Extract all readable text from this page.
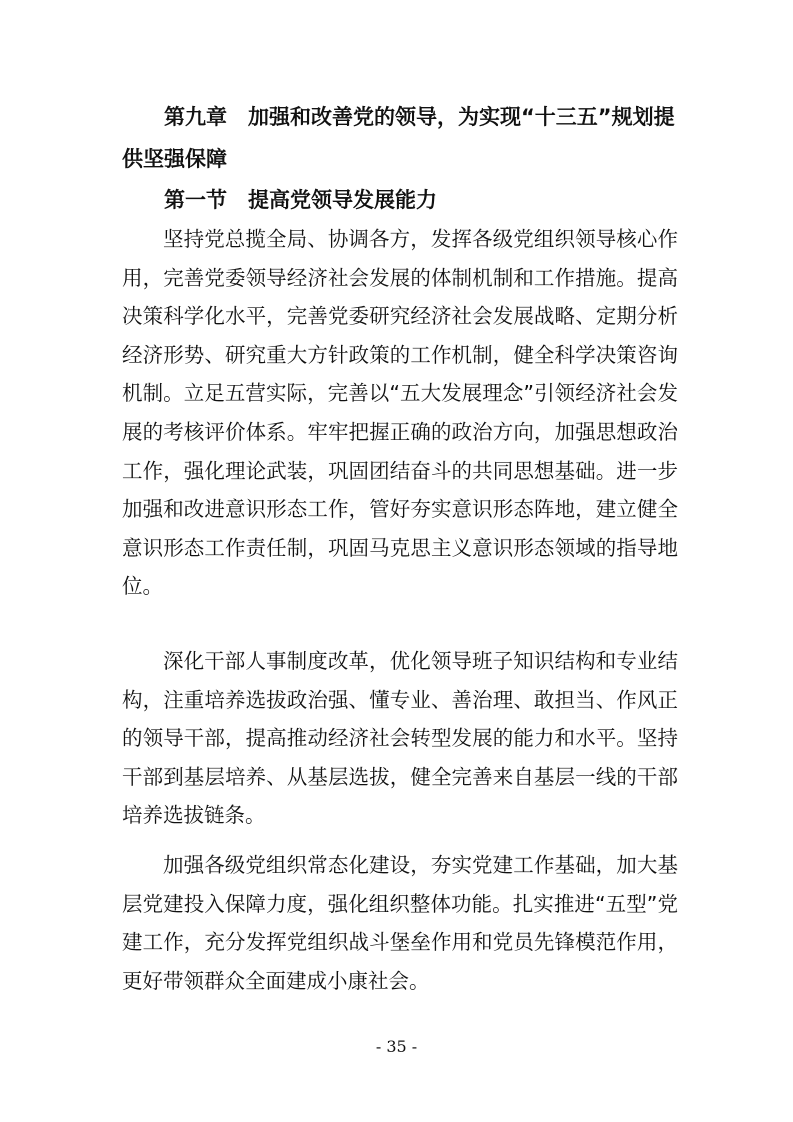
第九章　加强和改善党的领导，为实现“十三五”规划提供坚强保障
第一节　提高党领导发展能力

坚持党总揽全局、协调各方，发挥各级党组织领导核心作用，完善党委领导经济社会发展的体制机制和工作措施。提高决策科学化水平，完善党委研究经济社会发展战略、定期分析经济形势、研究重大方针政策的工作机制，健全科学决策咨询机制。立足五营实际，完善以“五大发展理念”引领经济社会发展的考核评价体系。牢牢把握正确的政治方向，加强思想政治工作，强化理论武装，巩固团结奋斗的共同思想基础。进一步加强和改进意识形态工作，管好夯实意识形态阵地，建立健全意识形态工作责任制，巩固马克思主义意识形态领域的指导地位。

深化干部人事制度改革，优化领导班子知识结构和专业结构，注重培养选拔政治强、懂专业、善治理、敢担当、作风正的领导干部，提高推动经济社会转型发展的能力和水平。坚持干部到基层培养、从基层选拔，健全完善来自基层一线的干部培养选拔链条。

加强各级党组织常态化建设，夯实党建工作基础，加大基层党建投入保障力度，强化组织整体功能。扎实推进“五型”党建工作，充分发挥党组织战斗堡垒作用和党员先锋模范作用，更好带领群众全面建成小康社会。

- 35 -
